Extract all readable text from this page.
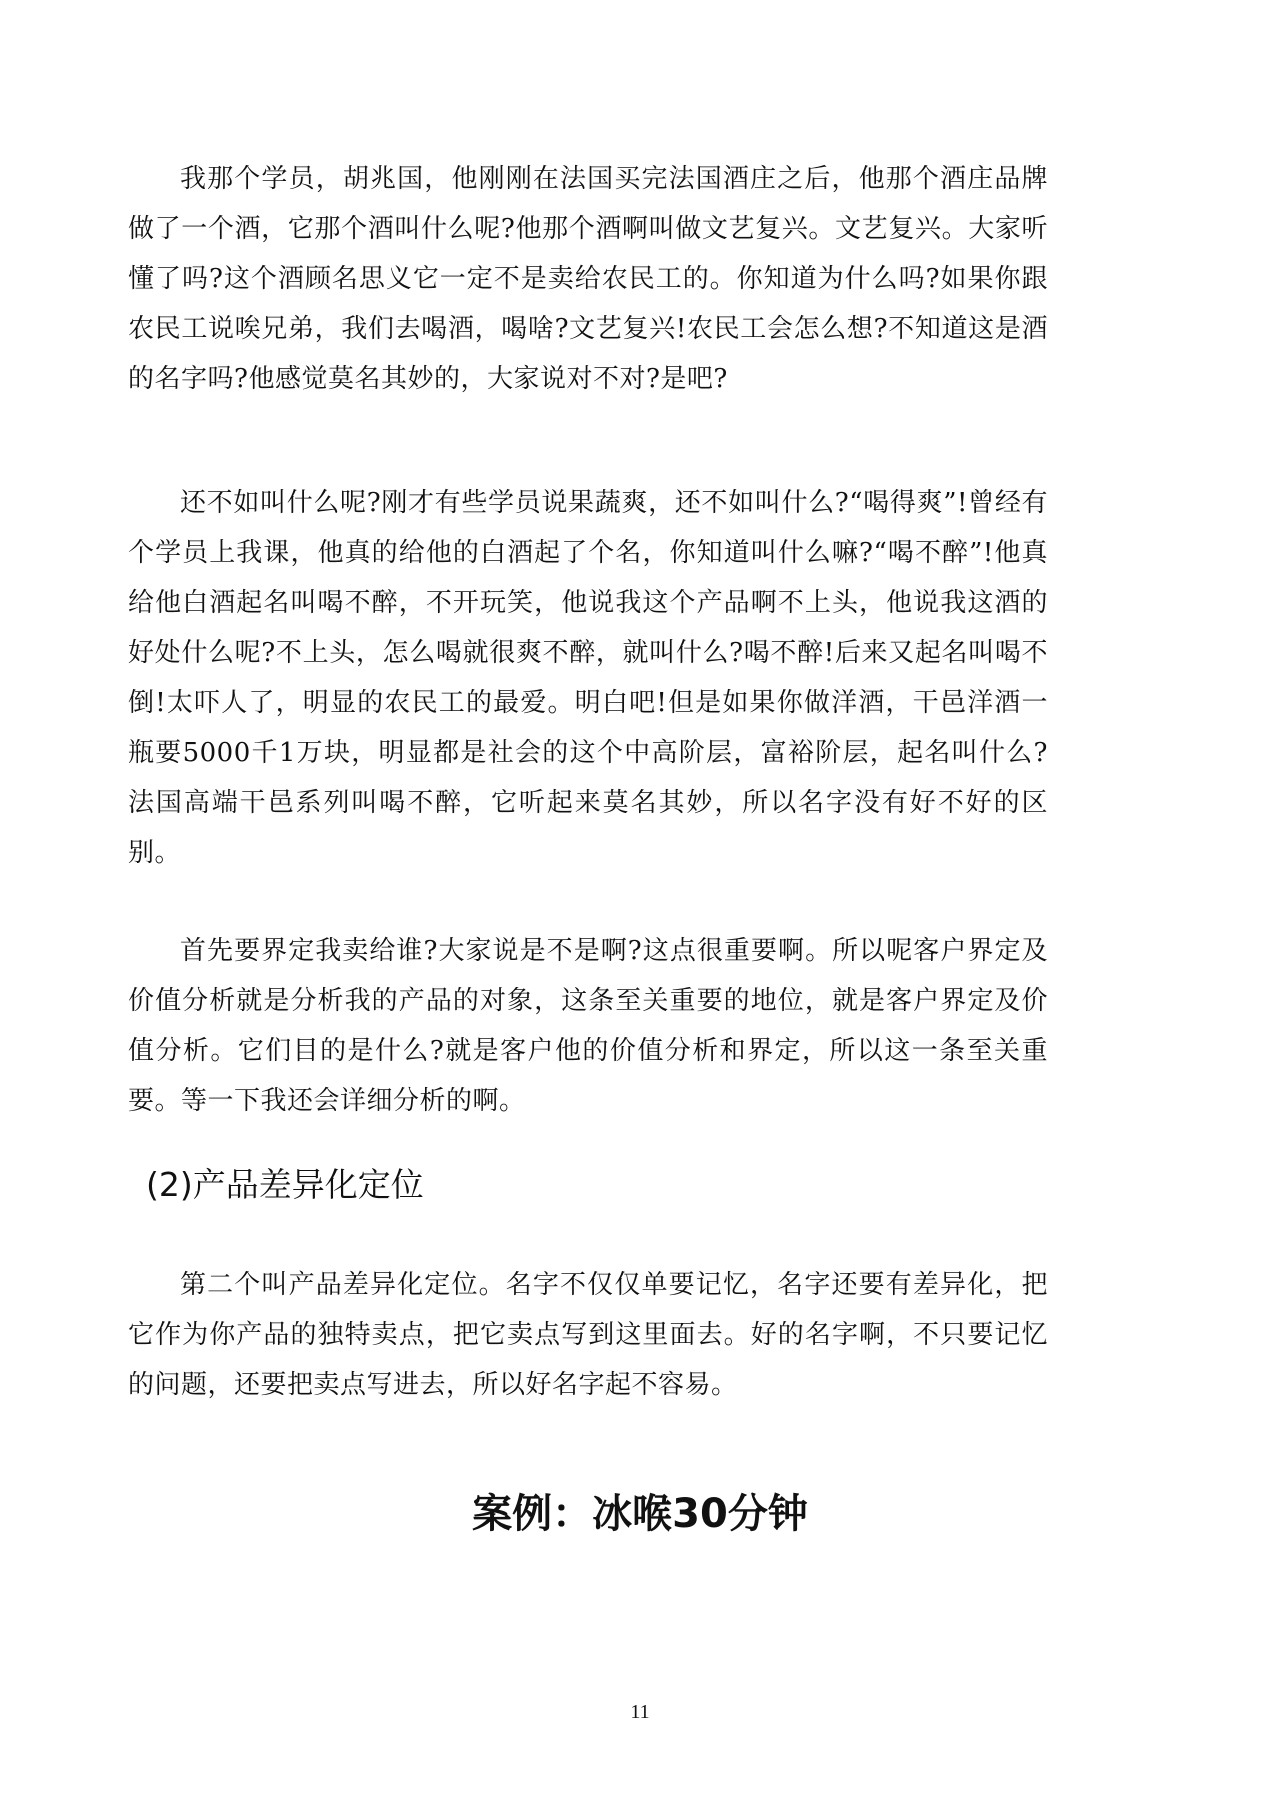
我那个学员，胡兆国，他刚刚在法国买完法国酒庄之后，他那个酒庄品牌做了一个酒，它那个酒叫什么呢?他那个酒啊叫做文艺复兴。文艺复兴。大家听懂了吗?这个酒顾名思义它一定不是卖给农民工的。你知道为什么吗?如果你跟农民工说唉兄弟，我们去喝酒，喝啥?文艺复兴!农民工会怎么想?不知道这是酒的名字吗?他感觉莫名其妙的，大家说对不对?是吧?

还不如叫什么呢?刚才有些学员说果蔬爽，还不如叫什么?“喝得爽”!曾经有个学员上我课，他真的给他的白酒起了个名，你知道叫什么嘛?“喝不醉”!他真给他白酒起名叫喝不醉，不开玩笑，他说我这个产品啊不上头，他说我这酒的好处什么呢?不上头，怎么喝就很爽不醉，就叫什么?喝不醉!后来又起名叫喝不倒!太吓人了，明显的农民工的最爱。明白吧!但是如果你做洋酒，干邑洋酒一瓶要5000千1万块，明显都是社会的这个中高阶层，富裕阶层，起名叫什么?法国高端干邑系列叫喝不醉，它听起来莫名其妙，所以名字没有好不好的区别。

首先要界定我卖给谁?大家说是不是啊?这点很重要啊。所以呢客户界定及价值分析就是分析我的产品的对象，这条至关重要的地位，就是客户界定及价值分析。它们目的是什么?就是客户他的价值分析和界定，所以这一条至关重要。等一下我还会详细分析的啊。

(2)产品差异化定位

第二个叫产品差异化定位。名字不仅仅单要记忆，名字还要有差异化，把它作为你产品的独特卖点，把它卖点写到这里面去。好的名字啊，不只要记忆的问题，还要把卖点写进去，所以好名字起不容易。

案例：冰喉30分钟
11
